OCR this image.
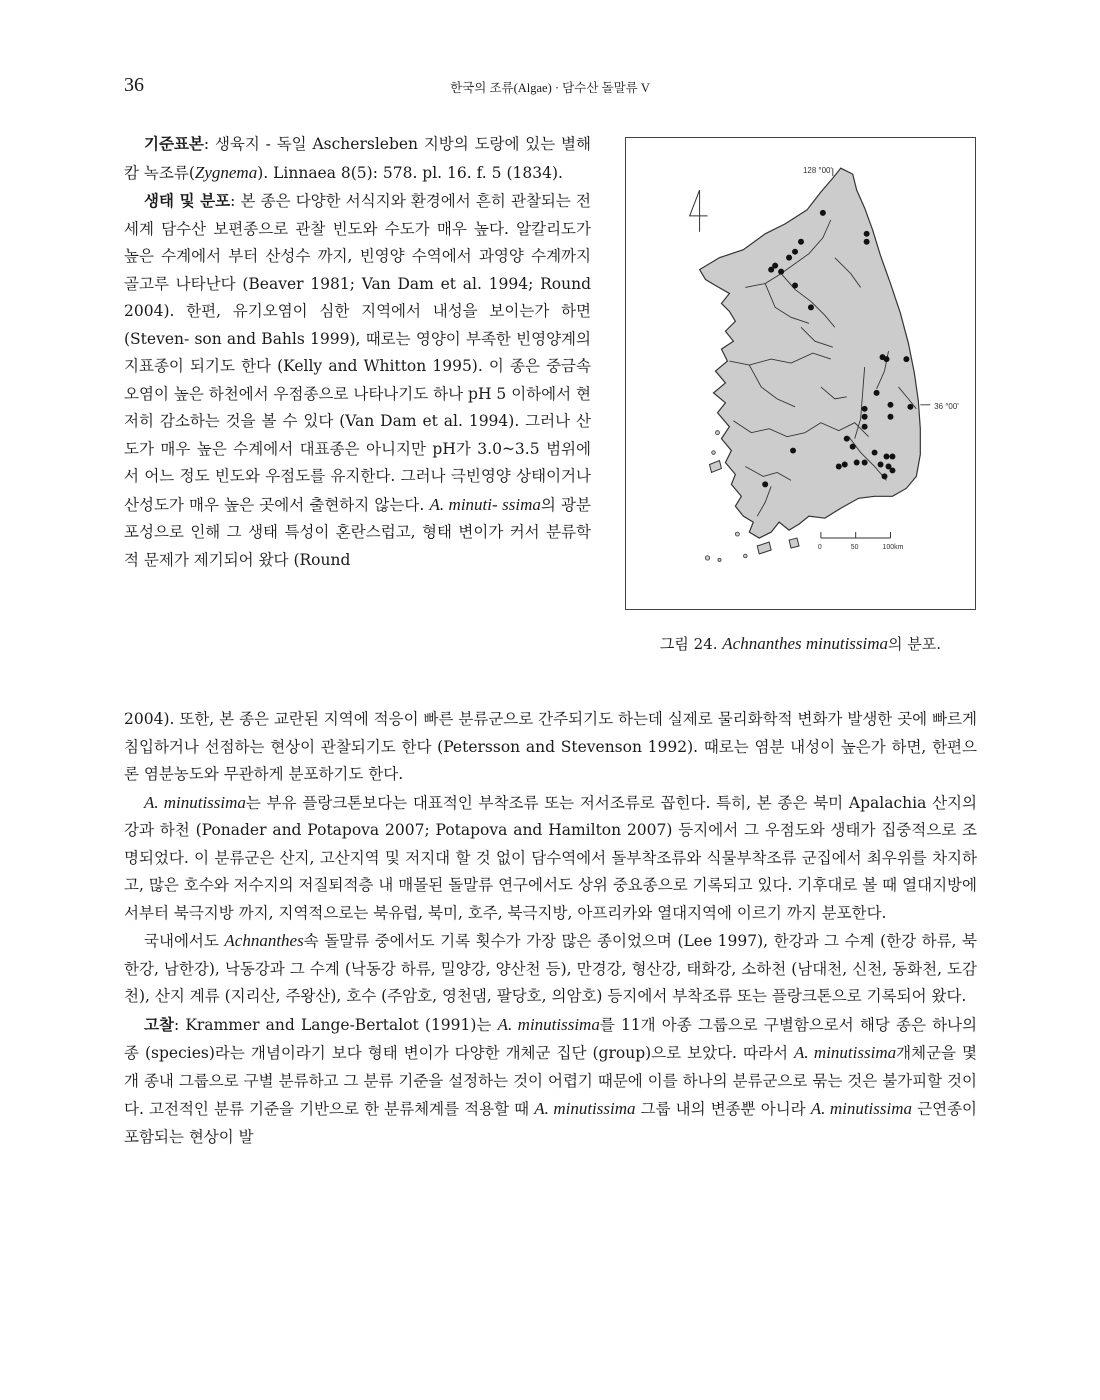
36	한국의 조류(Algae) · 담수산 돌말류 V

기준표본: 생육지 - 독일 Aschersleben 지방의 도랑에 있는 별해캄 녹조류(Zygnema). Linnaea 8(5): 578. pl. 16. f. 5 (1834).

생태 및 분포: 본 종은 다양한 서식지와 환경에서 흔히 관찰되는 전세계 담수산 보편종으로 관찰 빈도와 수도가 매우 높다. 알칼리도가 높은 수계에서 부터 산성수 까지, 빈영양 수역에서 과영양 수계까지 골고루 나타난다 (Beaver 1981; Van Dam et al. 1994; Round 2004). 한편, 유기오염이 심한 지역에서 내성을 보이는가 하면 (Steven- son and Bahls 1999), 때로는 영양이 부족한 빈영양계의 지표종이 되기도 한다 (Kelly and Whitton 1995). 이 종은 중금속 오염이 높은 하천에서 우점종으로 나타나기도 하나 pH 5 이하에서 현저히 감소하는 것을 볼 수 있다 (Van Dam et al. 1994). 그러나 산도가 매우 높은 수계에서 대표종은 아니지만 pH가 3.0~3.5 범위에서 어느 정도 빈도와 우점도를 유지한다. 그러나 극빈영양 상태이거나 산성도가 매우 높은 곳에서 출현하지 않는다. A. minuti- ssima의 광분포성으로 인해 그 생태 특성이 혼란스럽고, 형태 변이가 커서 분류학적 문제가 제기되어 왔다 (Round

128 °00'
36 °00'
0	50	100km
그림 24. Achnanthes minutissima의 분포.

2004). 또한, 본 종은 교란된 지역에 적응이 빠른 분류군으로 간주되기도 하는데 실제로 물리화학적 변화가 발생한 곳에 빠르게 침입하거나 선점하는 현상이 관찰되기도 한다 (Petersson and Stevenson 1992). 때로는 염분 내성이 높은가 하면, 한편으론 염분농도와 무관하게 분포하기도 한다.

A. minutissima는 부유 플랑크톤보다는 대표적인 부착조류 또는 저서조류로 꼽힌다. 특히, 본 종은 북미 Apalachia 산지의 강과 하천 (Ponader and Potapova 2007; Potapova and Hamilton 2007) 등지에서 그 우점도와 생태가 집중적으로 조명되었다. 이 분류군은 산지, 고산지역 및 저지대 할 것 없이 담수역에서 돌부착조류와 식물부착조류 군집에서 최우위를 차지하고, 많은 호수와 저수지의 저질퇴적층 내 매몰된 돌말류 연구에서도 상위 중요종으로 기록되고 있다. 기후대로 볼 때 열대지방에서부터 북극지방 까지, 지역적으로는 북유럽, 북미, 호주, 북극지방, 아프리카와 열대지역에 이르기 까지 분포한다.

국내에서도 Achnanthes속 돌말류 중에서도 기록 횟수가 가장 많은 종이었으며 (Lee 1997), 한강과 그 수계 (한강 하류, 북한강, 남한강), 낙동강과 그 수계 (낙동강 하류, 밀양강, 양산천 등), 만경강, 형산강, 태화강, 소하천 (남대천, 신천, 동화천, 도감천), 산지 계류 (지리산, 주왕산), 호수 (주암호, 영천댐, 팔당호, 의암호) 등지에서 부착조류 또는 플랑크톤으로 기록되어 왔다.

고찰: Krammer and Lange-Bertalot (1991)는 A. minutissima를 11개 아종 그룹으로 구별함으로서 해당 종은 하나의 종 (species)라는 개념이라기 보다 형태 변이가 다양한 개체군 집단 (group)으로 보았다. 따라서 A. minutissima개체군을 몇 개 종내 그룹으로 구별 분류하고 그 분류 기준을 설정하는 것이 어렵기 때문에 이를 하나의 분류군으로 묶는 것은 불가피할 것이다. 고전적인 분류 기준을 기반으로 한 분류체계를 적용할 때 A. minutissima 그룹 내의 변종뿐 아니라 A. minutissima 근연종이 포함되는 현상이 발
